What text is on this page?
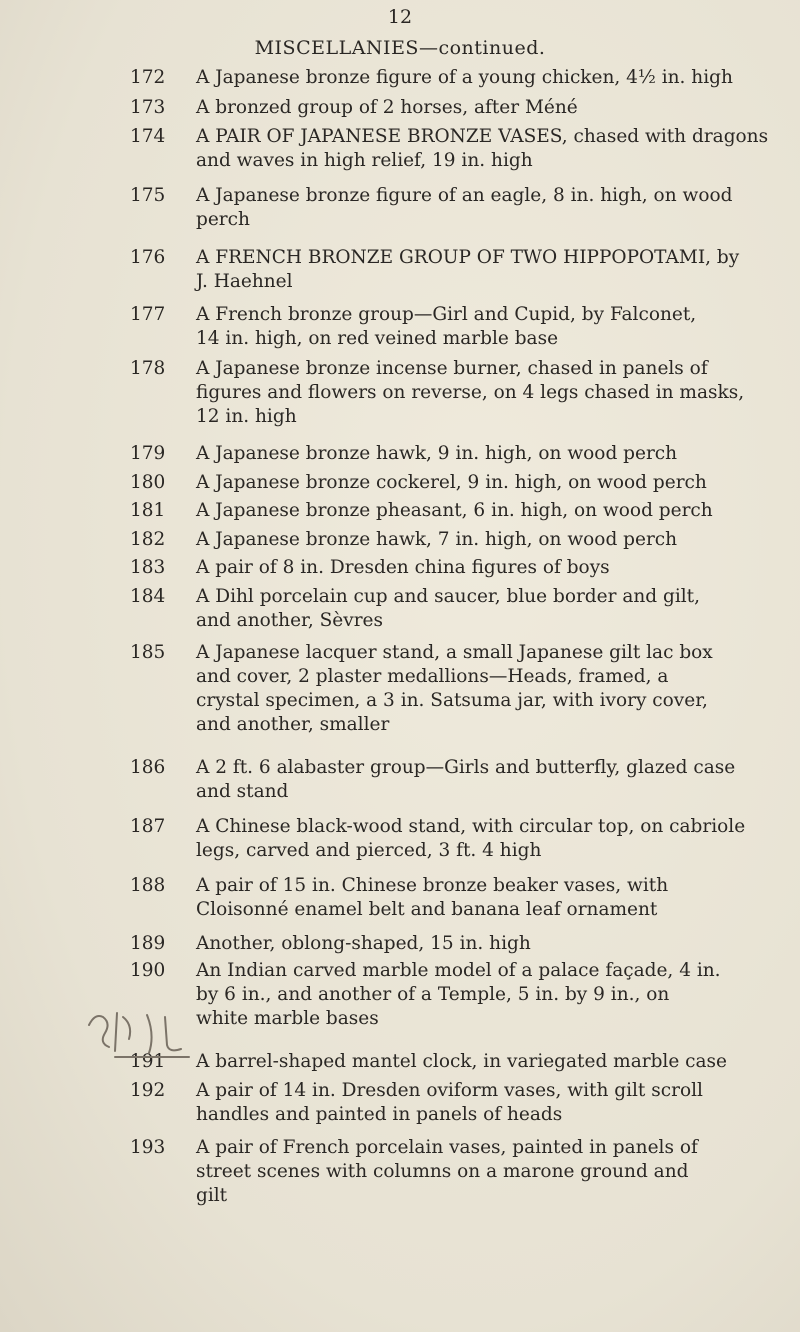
12
MISCELLANIES—continued.
172	A Japanese bronze figure of a young chicken, 4½ in. high
173	A bronzed group of 2 horses, after Méné
174	A PAIR OF JAPANESE BRONZE VASES, chased with dragons
and waves in high relief, 19 in. high
175	A Japanese bronze figure of an eagle, 8 in. high, on wood
perch
176	A FRENCH BRONZE GROUP OF TWO HIPPOPOTAMI, by
J. Haehnel
177	A French bronze group—Girl and Cupid, by Falconet,
14 in. high, on red veined marble base
178	A Japanese bronze incense burner, chased in panels of
figures and flowers on reverse, on 4 legs chased in masks,
12 in. high
179	A Japanese bronze hawk, 9 in. high, on wood perch
180	A Japanese bronze cockerel, 9 in. high, on wood perch
181	A Japanese bronze pheasant, 6 in. high, on wood perch
182	A Japanese bronze hawk, 7 in. high, on wood perch
183	A pair of 8 in. Dresden china figures of boys
184	A Dihl porcelain cup and saucer, blue border and gilt,
and another, Sèvres
185	A Japanese lacquer stand, a small Japanese gilt lac box
and cover, 2 plaster medallions—Heads, framed, a
crystal specimen, a 3 in. Satsuma jar, with ivory cover,
and another, smaller
186	A 2 ft. 6 alabaster group—Girls and butterfly, glazed case
and stand
187	A Chinese black-wood stand, with circular top, on cabriole
legs, carved and pierced, 3 ft. 4 high
188	A pair of 15 in. Chinese bronze beaker vases, with
Cloisonné enamel belt and banana leaf ornament
189	Another, oblong-shaped, 15 in. high
190	An Indian carved marble model of a palace façade, 4 in.
by 6 in., and another of a Temple, 5 in. by 9 in., on
white marble bases
191	A barrel-shaped mantel clock, in variegated marble case
192	A pair of 14 in. Dresden oviform vases, with gilt scroll
handles and painted in panels of heads
193	A pair of French porcelain vases, painted in panels of
street scenes with columns on a marone ground and
gilt
